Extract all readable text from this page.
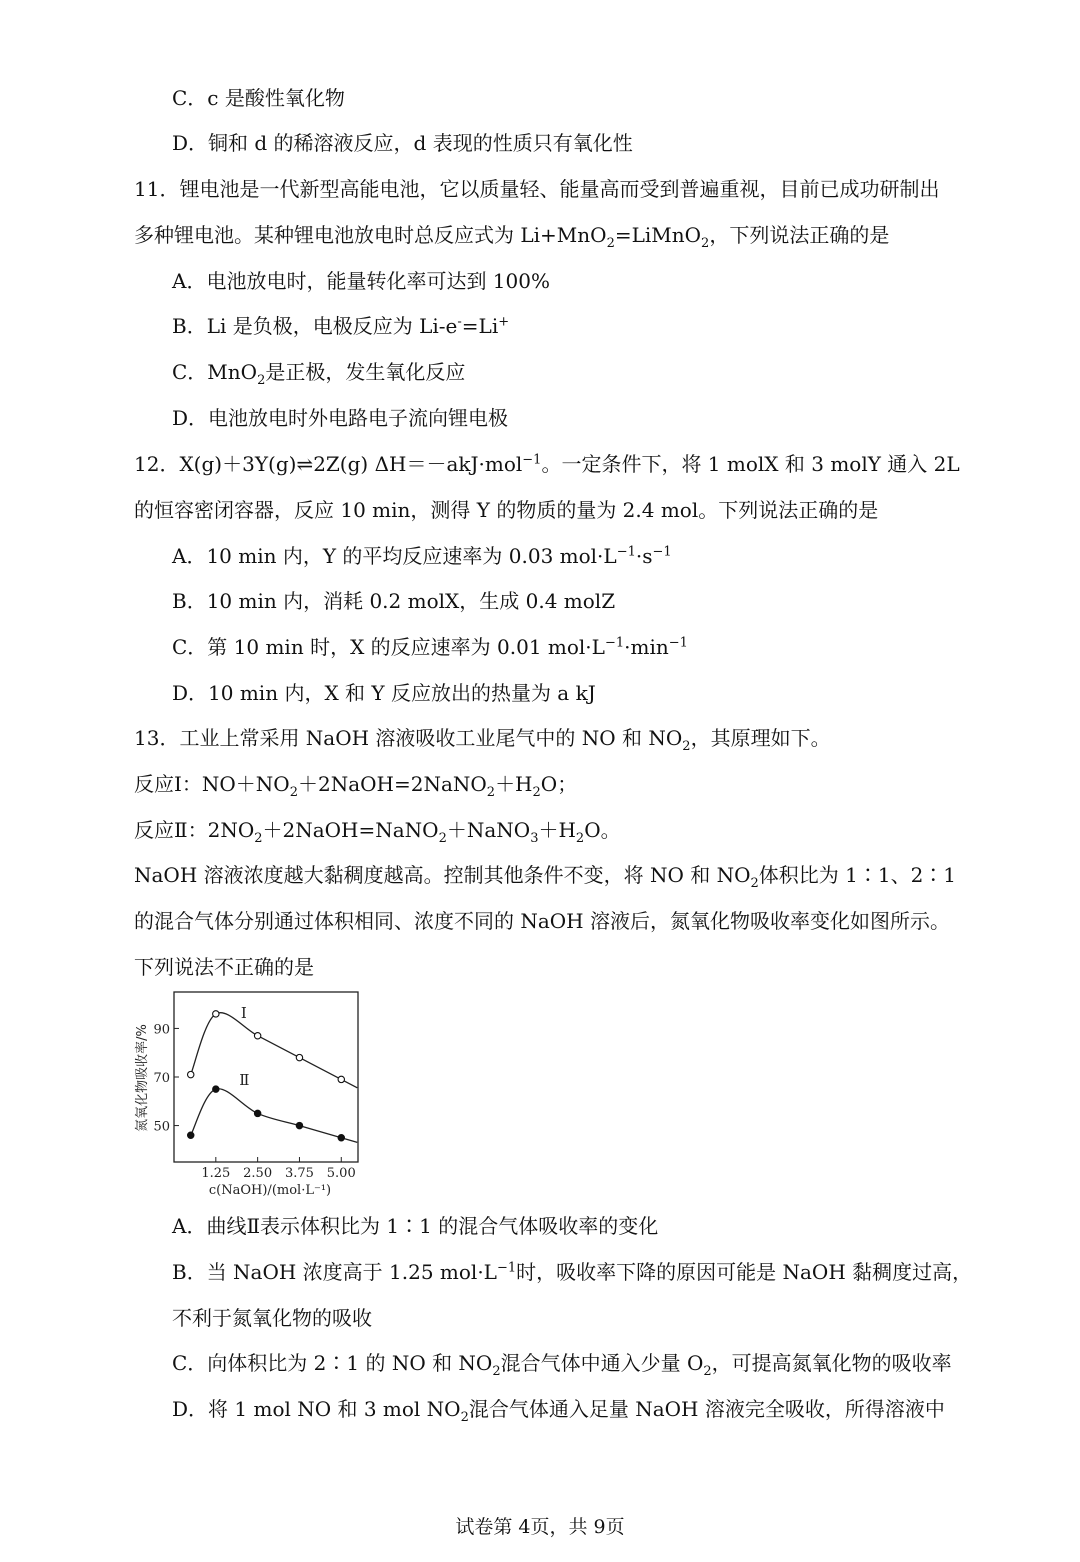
C．c 是酸性氧化物
D．铜和 d 的稀溶液反应，d 表现的性质只有氧化性
11．锂电池是一代新型高能电池，它以质量轻、能量高而受到普遍重视，目前已成功研制出
多种锂电池。某种锂电池放电时总反应式为 Li+MnO$_2$=LiMnO$_2$，下列说法正确的是
A．电池放电时，能量转化率可达到 100%
B．Li 是负极，电极反应为 Li-e-=Li+
C．MnO$_2$是正极，发生氧化反应
D．电池放电时外电路电子流向锂电极
12．X(g)＋3Y(g)⇌2Z(g) ΔH＝－akJ·mol$^{-1}$。一定条件下，将 1 molX 和 3 molY 通入 2L
的恒容密闭容器，反应 10 min，测得 Y 的物质的量为 2.4 mol。下列说法正确的是
A．10 min 内，Y 的平均反应速率为 0.03 $mol\cdot L^{-1}\cdot s^{-1}$
B．10 min 内，消耗 0.2 molX，生成 0.4 molZ
C．第 10 min 时，X 的反应速率为 0.01 $mol\cdot L^{-1}\cdot\min^{-1}$
D．10 min 内，X 和 Y 反应放出的热量为 a kJ
13．工业上常采用 NaOH 溶液吸收工业尾气中的 NO 和 $NO_2$，其原理如下。
反应Ⅰ：$NO+NO_2+2NaOH=2NaNO_2+H_2O$；
反应Ⅱ：$2NO_2+2NaOH=NaNO_2+NaNO_3+H_2O$。
NaOH 溶液浓度越大黏稠度越高。控制其他条件不变，将 NO 和 $NO_2$体积比为 1∶1、2∶1
的混合气体分别通过体积相同、浓度不同的 NaOH 溶液后，氮氧化物吸收率变化如图所示。
下列说法不正确的是
1.25 2.50 3.75 5.00
50
70
90
Ⅰ
Ⅱ
氮氧化物吸收率/%
c(NaOH)/(mol·L⁻¹)
A．曲线Ⅱ表示体积比为 1∶1 的混合气体吸收率的变化
B．当 NaOH 浓度高于 1.25 $mol\cdot L^{-1}$时，吸收率下降的原因可能是 NaOH 黏稠度过高，
不利于氮氧化物的吸收
C．向体积比为 2∶1 的 NO 和 $NO_2$混合气体中通入少量 $O_2$，可提高氮氧化物的吸收率
D．将 1 mol NO 和 3 mol $NO_2$混合气体通入足量 NaOH 溶液完全吸收，所得溶液中
试卷第 4页，共 9页
